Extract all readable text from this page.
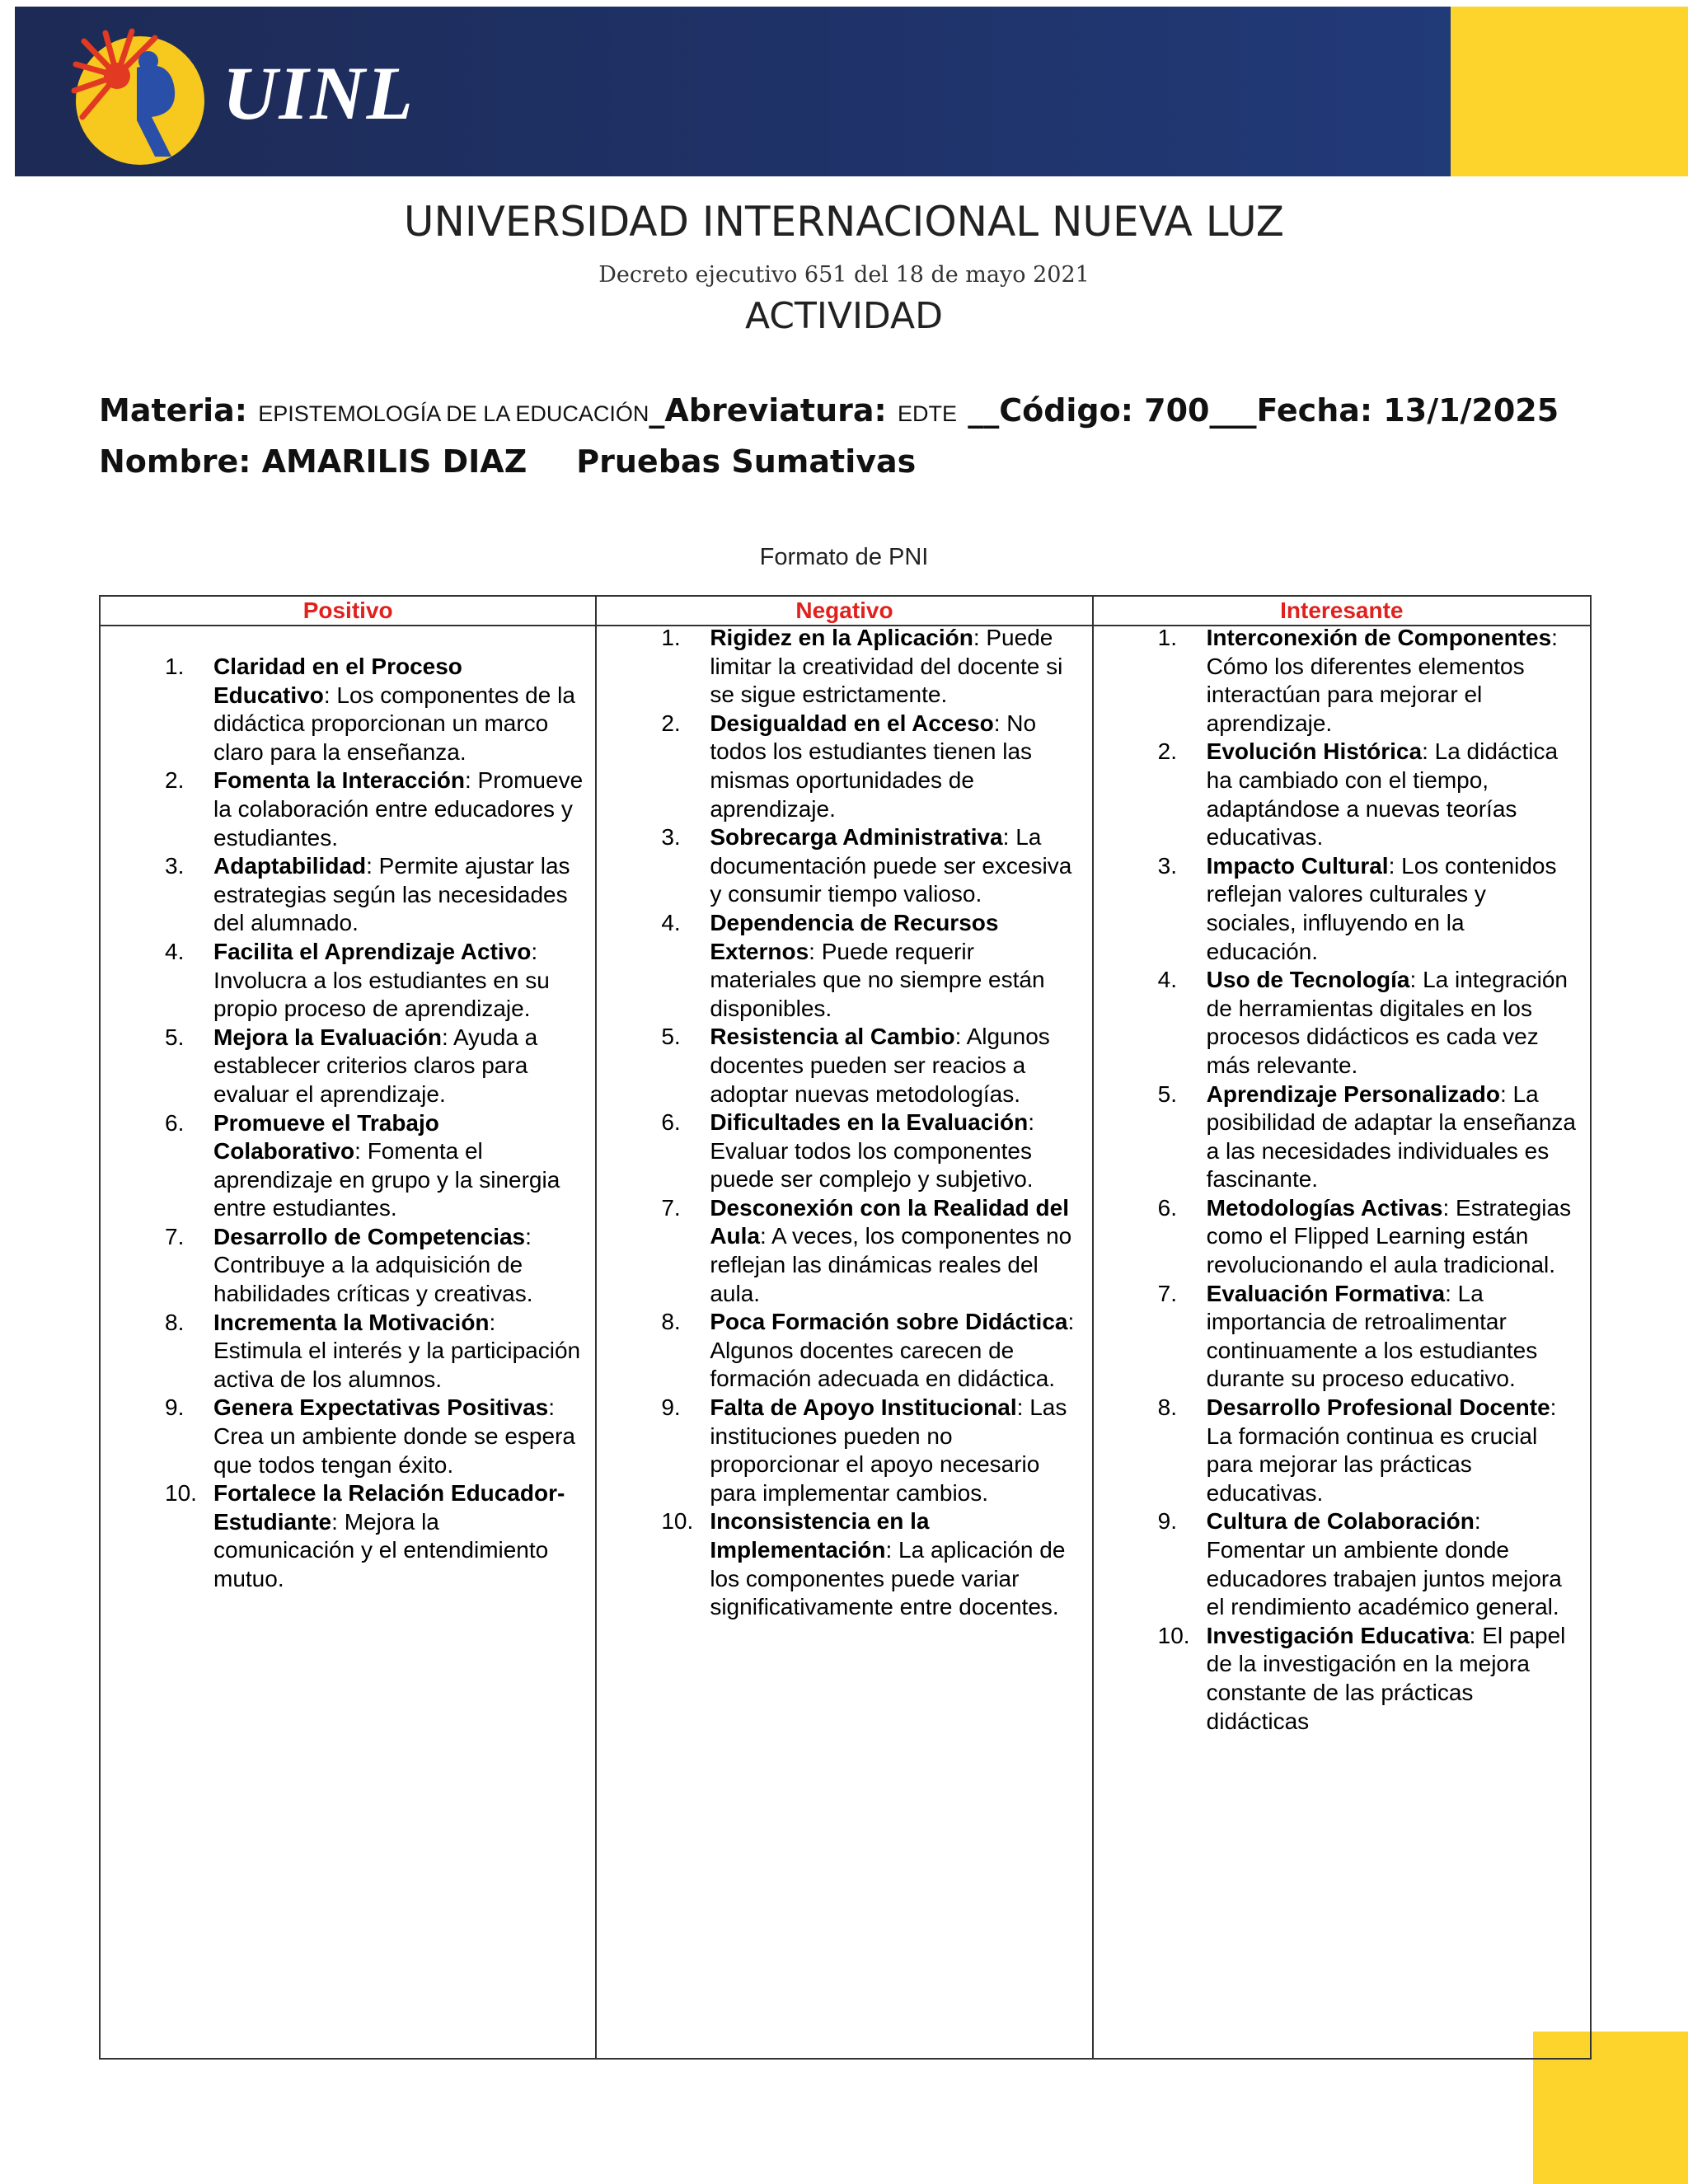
UINL
UNIVERSIDAD INTERNACIONAL NUEVA LUZ
Decreto ejecutivo 651 del 18 de mayo 2021
ACTIVIDAD
Materia: EPISTEMOLOGÍA DE LA EDUCACIÓN_Abreviatura: EDTE __Código: 700___Fecha: 13/1/2025
Nombre: AMARILIS DIAZ Pruebas Sumativas
Formato de PNI
Positivo	Negativo	Interesante
1. Claridad en el Proceso Educativo: Los componentes de la didáctica proporcionan un marco claro para la enseñanza.
2. Fomenta la Interacción: Promueve la colaboración entre educadores y estudiantes.
3. Adaptabilidad: Permite ajustar las estrategias según las necesidades del alumnado.
4. Facilita el Aprendizaje Activo: Involucra a los estudiantes en su propio proceso de aprendizaje.
5. Mejora la Evaluación: Ayuda a establecer criterios claros para evaluar el aprendizaje.
6. Promueve el Trabajo Colaborativo: Fomenta el aprendizaje en grupo y la sinergia entre estudiantes.
7. Desarrollo de Competencias: Contribuye a la adquisición de habilidades críticas y creativas.
8. Incrementa la Motivación: Estimula el interés y la participación activa de los alumnos.
9. Genera Expectativas Positivas: Crea un ambiente donde se espera que todos tengan éxito.
10. Fortalece la Relación Educador-Estudiante: Mejora la comunicación y el entendimiento mutuo.
1. Rigidez en la Aplicación: Puede limitar la creatividad del docente si se sigue estrictamente.
2. Desigualdad en el Acceso: No todos los estudiantes tienen las mismas oportunidades de aprendizaje.
3. Sobrecarga Administrativa: La documentación puede ser excesiva y consumir tiempo valioso.
4. Dependencia de Recursos Externos: Puede requerir materiales que no siempre están disponibles.
5. Resistencia al Cambio: Algunos docentes pueden ser reacios a adoptar nuevas metodologías.
6. Dificultades en la Evaluación: Evaluar todos los componentes puede ser complejo y subjetivo.
7. Desconexión con la Realidad del Aula: A veces, los componentes no reflejan las dinámicas reales del aula.
8. Poca Formación sobre Didáctica: Algunos docentes carecen de formación adecuada en didáctica.
9. Falta de Apoyo Institucional: Las instituciones pueden no proporcionar el apoyo necesario para implementar cambios.
10. Inconsistencia en la Implementación: La aplicación de los componentes puede variar significativamente entre docentes.
1. Interconexión de Componentes: Cómo los diferentes elementos interactúan para mejorar el aprendizaje.
2. Evolución Histórica: La didáctica ha cambiado con el tiempo, adaptándose a nuevas teorías educativas.
3. Impacto Cultural: Los contenidos reflejan valores culturales y sociales, influyendo en la educación.
4. Uso de Tecnología: La integración de herramientas digitales en los procesos didácticos es cada vez más relevante.
5. Aprendizaje Personalizado: La posibilidad de adaptar la enseñanza a las necesidades individuales es fascinante.
6. Metodologías Activas: Estrategias como el Flipped Learning están revolucionando el aula tradicional.
7. Evaluación Formativa: La importancia de retroalimentar continuamente a los estudiantes durante su proceso educativo.
8. Desarrollo Profesional Docente: La formación continua es crucial para mejorar las prácticas educativas.
9. Cultura de Colaboración: Fomentar un ambiente donde educadores trabajen juntos mejora el rendimiento académico general.
10. Investigación Educativa: El papel de la investigación en la mejora constante de las prácticas didácticas
